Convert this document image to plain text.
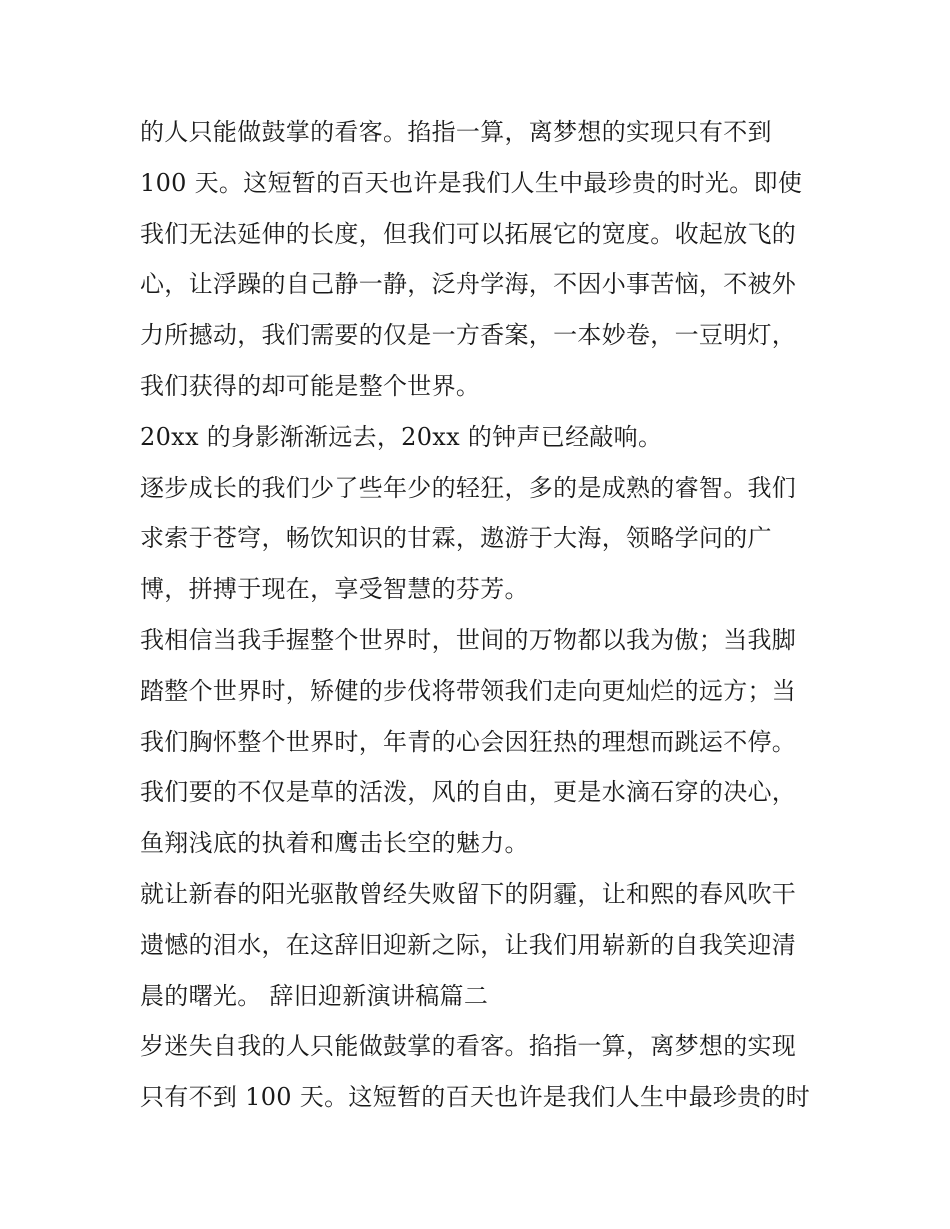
的人只能做鼓掌的看客。掐指一算，离梦想的实现只有不到
100 天。这短暂的百天也许是我们人生中最珍贵的时光。即使
我们无法延伸的长度，但我们可以拓展它的宽度。收起放飞的
心，让浮躁的自己静一静，泛舟学海，不因小事苦恼，不被外
力所撼动，我们需要的仅是一方香案，一本妙卷，一豆明灯，
我们获得的却可能是整个世界。
20xx 的身影渐渐远去，20xx 的钟声已经敲响。
逐步成长的我们少了些年少的轻狂，多的是成熟的睿智。我们
求索于苍穹，畅饮知识的甘霖，遨游于大海，领略学问的广
博，拼搏于现在，享受智慧的芬芳。
我相信当我手握整个世界时，世间的万物都以我为傲；当我脚
踏整个世界时，矫健的步伐将带领我们走向更灿烂的远方；当
我们胸怀整个世界时，年青的心会因狂热的理想而跳运不停。
我们要的不仅是草的活泼，风的自由，更是水滴石穿的决心，
鱼翔浅底的执着和鹰击长空的魅力。
就让新春的阳光驱散曾经失败留下的阴霾，让和熙的春风吹干
遗憾的泪水，在这辞旧迎新之际，让我们用崭新的自我笑迎清
晨的曙光。 辞旧迎新演讲稿篇二
岁迷失自我的人只能做鼓掌的看客。掐指一算，离梦想的实现
只有不到 100 天。这短暂的百天也许是我们人生中最珍贵的时
